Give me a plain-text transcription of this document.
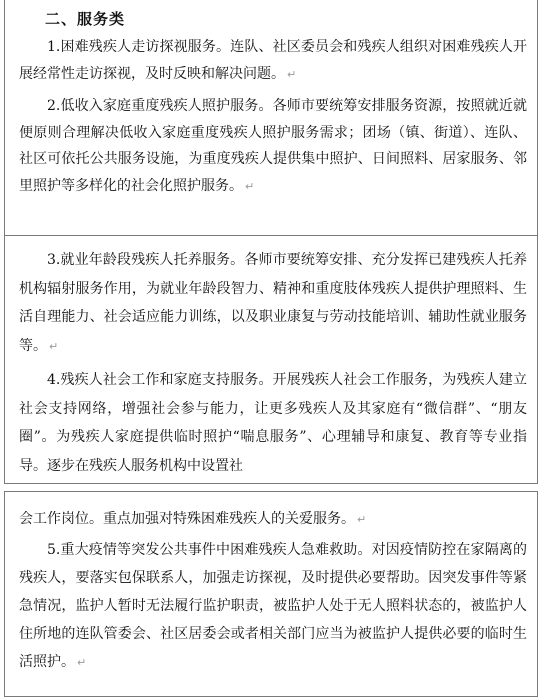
二、服务类

1.困难残疾人走访探视服务。连队、社区委员会和残疾人组织对困难残疾人开展经常性走访探视，及时反映和解决问题。 ↵

2.低收入家庭重度残疾人照护服务。各师市要统筹安排服务资源，按照就近就便原则合理解决低收入家庭重度残疾人照护服务需求；团场（镇、街道）、连队、社区可依托公共服务设施，为重度残疾人提供集中照护、日间照料、居家服务、邻里照护等多样化的社会化照护服务。 ↵

3.就业年龄段残疾人托养服务。各师市要统筹安排、充分发挥已建残疾人托养机构辐射服务作用，为就业年龄段智力、精神和重度肢体残疾人提供护理照料、生活自理能力、社会适应能力训练，以及职业康复与劳动技能培训、辅助性就业服务等。 ↵

4.残疾人社会工作和家庭支持服务。开展残疾人社会工作服务，为残疾人建立社会支持网络，增强社会参与能力，让更多残疾人及其家庭有“微信群”、“朋友圈”。为残疾人家庭提供临时照护“喘息服务”、心理辅导和康复、教育等专业指导。逐步在残疾人服务机构中设置社

会工作岗位。重点加强对特殊困难残疾人的关爱服务。 ↵

5.重大疫情等突发公共事件中困难残疾人急难救助。对因疫情防控在家隔离的残疾人，要落实包保联系人，加强走访探视，及时提供必要帮助。因突发事件等紧急情况，监护人暂时无法履行监护职责，被监护人处于无人照料状态的，被监护人住所地的连队管委会、社区居委会或者相关部门应当为被监护人提供必要的临时生活照护。 ↵
